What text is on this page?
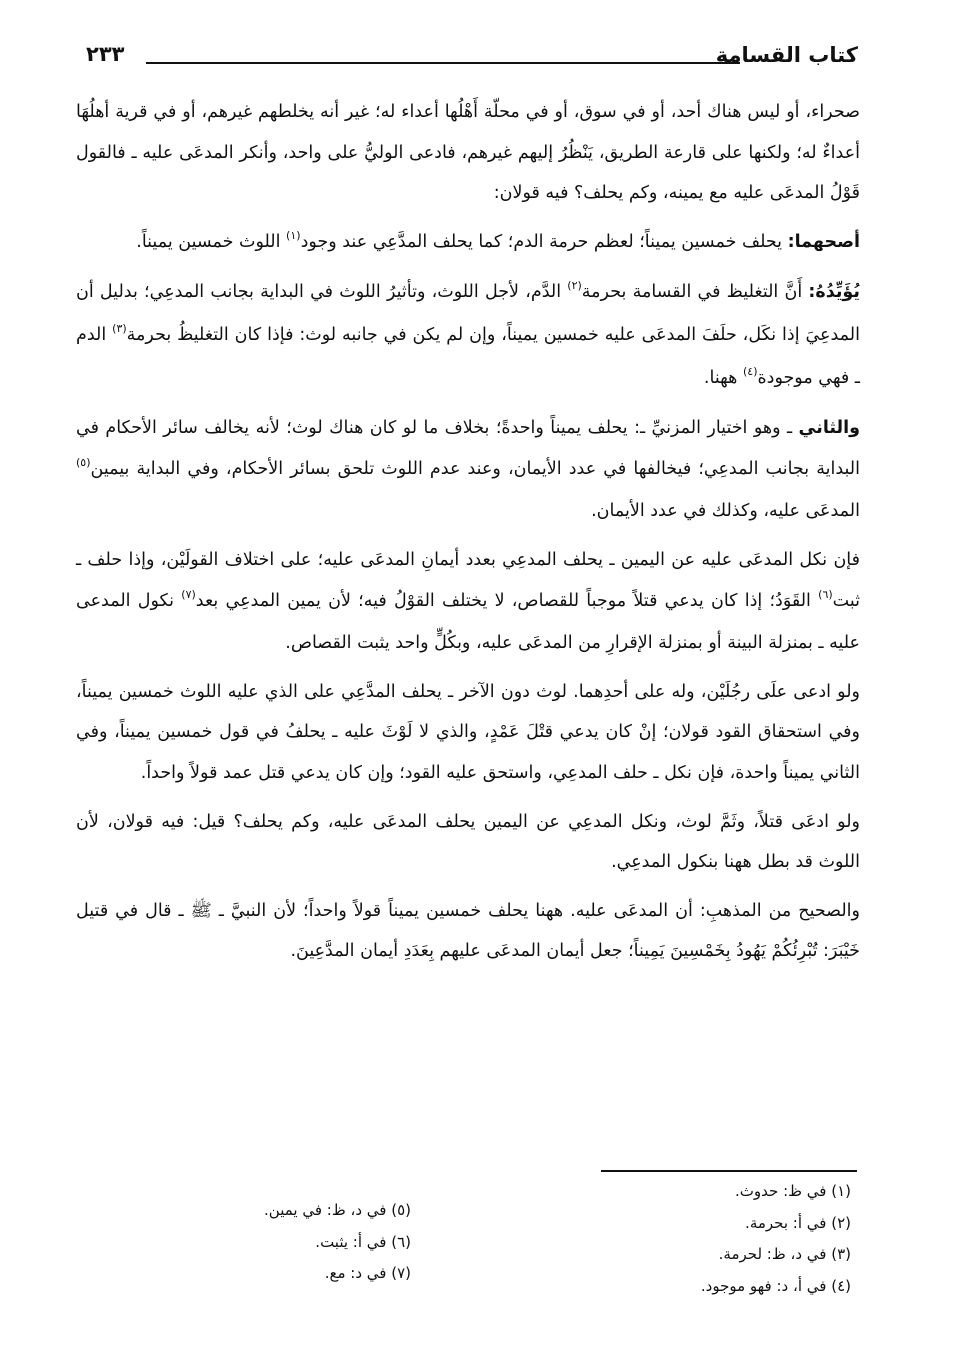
٢٣٣	كتاب القسامة

صحراء، أو ليس هناك أحد، أو في سوق، أو في محلّة أَهْلُها أعداء له؛ غير أنه يخلطهم غيرهم، أو في قرية أهلُهَا أعداءٌ له؛ ولكنها على قارعة الطريق، يَنْظُرُ إليهم غيرهم، فادعى الوليُّ على واحد، وأنكر المدعَى عليه ـ فالقول قَوْلُ المدعَى عليه مع يمينه، وكم يحلف؟ فيه قولان:

أصحهما: يحلف خمسين يميناً؛ لعظم حرمة الدم؛ كما يحلف المدَّعِي عند وجود$^{(١)}$ اللوث خمسين يميناً.

يُؤَيِّدُهُ: أَنَّ التغليظ في القسامة بحرمة$^{(٢)}$ الدَّم، لأجل اللوث، وتأثيرُ اللوث في البداية بجانب المدعِي؛ بدليل أن المدعِيَ إذا نكَل، حلَفَ المدعَى عليه خمسين يميناً، وإن لم يكن في جانبه لوث: فإذا كان التغليظُ بحرمة$^{(٣)}$ الدم ـ فهي موجودة$^{(٤)}$ ههنا.

والثاني ـ وهو اختيار المزنيِّ ـ: يحلف يميناً واحدةً؛ بخلاف ما لو كان هناك لوث؛ لأنه يخالف سائر الأحكام في البداية بجانب المدعِي؛ فيخالفها في عدد الأيمان، وعند عدم اللوث تلحق بسائر الأحكام، وفي البداية بيمين$^{(٥)}$ المدعَى عليه، وكذلك في عدد الأيمان.

فإن نكل المدعَى عليه عن اليمين ـ يحلف المدعِي بعدد أيمانِ المدعَى عليه؛ على اختلاف القولَيْن، وإذا حلف ـ ثبت$^{(٦)}$ القَوَدُ؛ إذا كان يدعي قتلاً موجباً للقصاص، لا يختلف القوْلُ فيه؛ لأن يمين المدعِي بعد$^{(٧)}$ نكول المدعى عليه ـ بمنزلة البينة أو بمنزلة الإقرارِ من المدعَى عليه، وبكُلٍّ واحد يثبت القصاص.

ولو ادعى علَى رجُلَيْن، وله على أحدِهما. لوث دون الآخر ـ يحلف المدَّعِي على الذي عليه اللوث خمسين يميناً، وفي استحقاق القود قولان؛ إنْ كان يدعي قتْلَ عَمْدٍ، والذي لا لَوْثَ عليه ـ يحلفُ في قول خمسين يميناً، وفي الثاني يميناً واحدة، فإن نكل ـ حلف المدعِي، واستحق عليه القود؛ وإن كان يدعي قتل عمد قولاً واحداً.

ولو ادعَى قتلاً، وثَمَّ لوث، ونكل المدعِي عن اليمين يحلف المدعَى عليه، وكم يحلف؟ قيل: فيه قولان، لأن اللوث قد بطل ههنا بنكول المدعِي.

والصحيح من المذهبِ: أن المدعَى عليه. ههنا يحلف خمسين يميناً قولاً واحداً؛ لأن النبيَّ ـ ﷺ ـ قال في قتيل خَيْبَرَ: تُبْرِئُكُمْ يَهُودُ بِخَمْسِينَ يَمِيناً؛ جعل أيمان المدعَى عليهم بِعَدَدِ أيمان المدَّعِينَ.

(١) في ظ: حدوث.
(٢) في أ: بحرمة.
(٣) في د، ظ: لحرمة.
(٤) في أ، د: فهو موجود.
(٥) في د، ظ: في يمين.
(٦) في أ: يثبت.
(٧) في د: مع.
